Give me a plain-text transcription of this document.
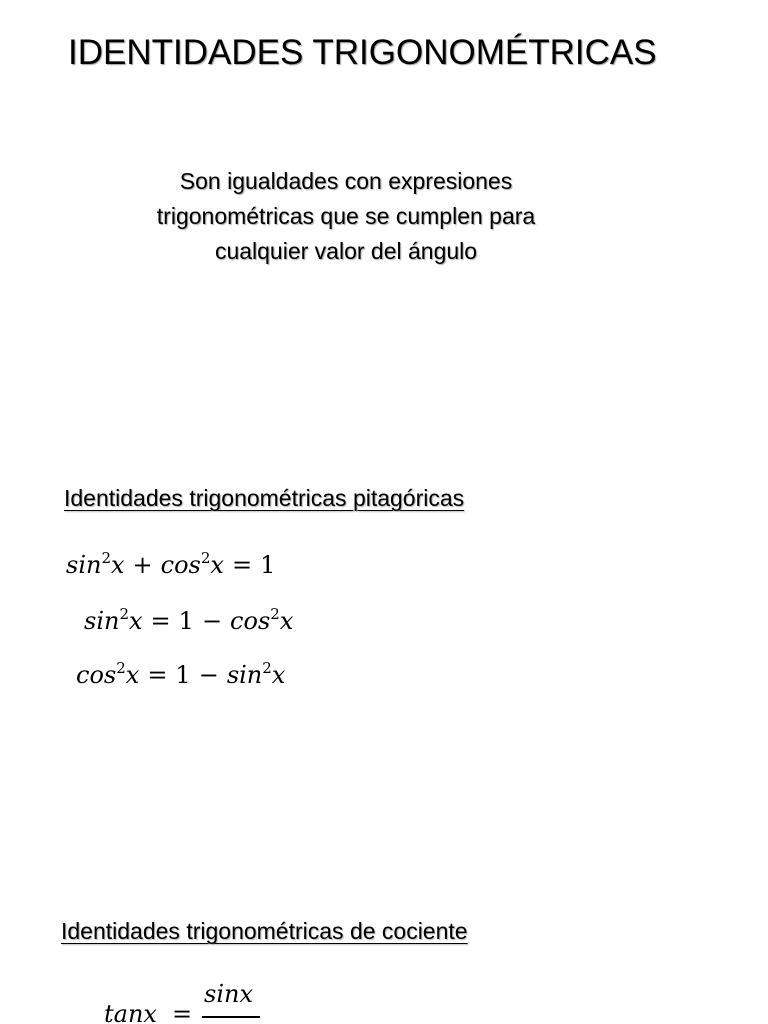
IDENTIDADES TRIGONOMÉTRICAS
Son igualdades con expresiones
trigonométricas que se cumplen para
cualquier valor del ángulo
Identidades trigonométricas pitagóricas
$\sin^2x + \cos^2x = 1$
$\sin^2x = 1 - \cos^2x$
$\cos^2x = 1 - \sin^2x$
Identidades trigonométricas de cociente
tanx =
sinx
